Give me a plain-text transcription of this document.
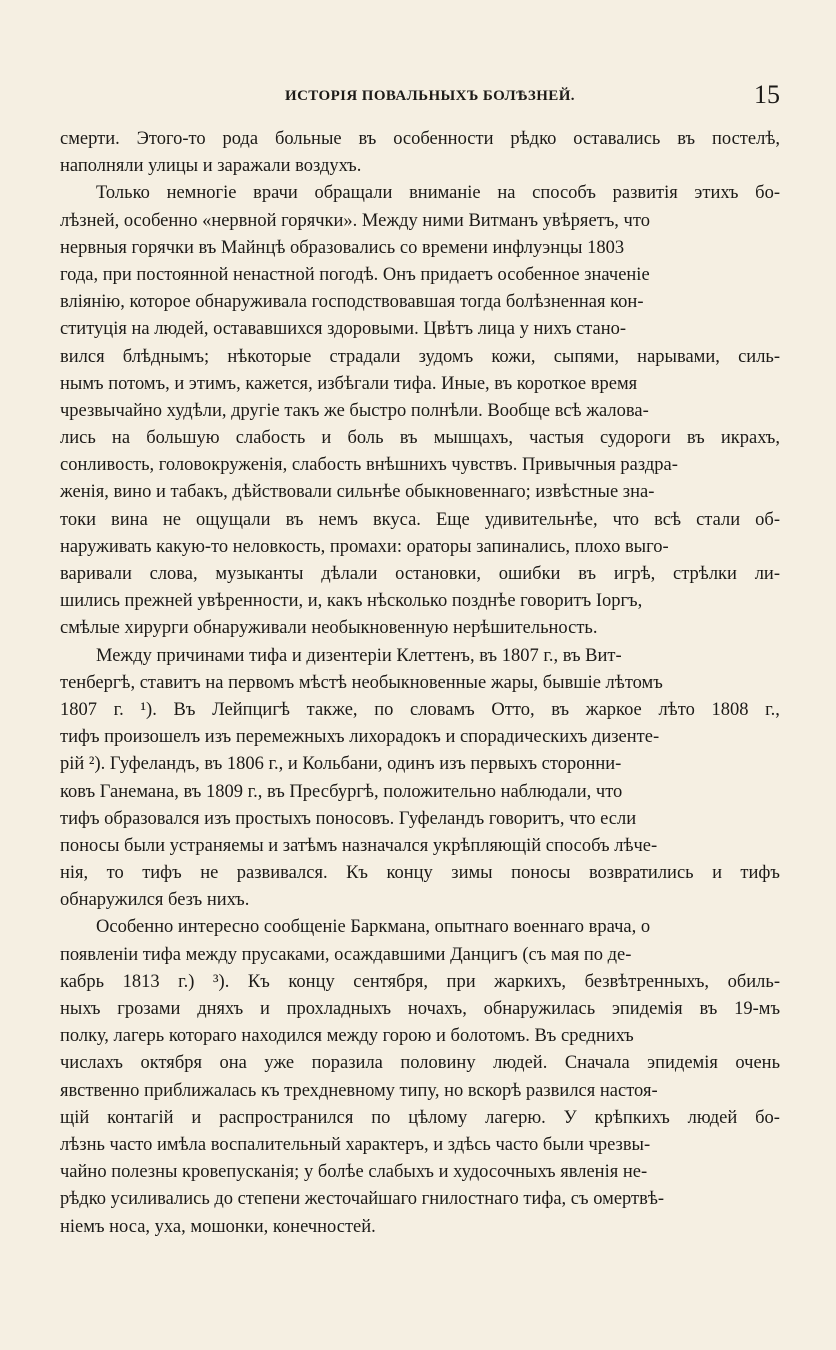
ИСТОРІЯ ПОВАЛЬНЫХЪ БОЛѢЗНЕЙ.	15
смерти. Этого-то рода больные въ особенности рѣдко оставались въ постелѣ,
наполняли улицы и заражали воздухъ.
Только немногіе врачи обращали вниманіе на способъ развитія этихъ бо-
лѣзней, особенно «нервной горячки». Между ними Витманъ увѣряетъ, что
нервныя горячки въ Майнцѣ образовались со времени инфлуэнцы 1803
года, при постоянной ненастной погодѣ. Онъ придаетъ особенное значеніе
вліянію, которое обнаруживала господствовавшая тогда болѣзненная кон-
ституція на людей, остававшихся здоровыми. Цвѣтъ лица у нихъ стано-
вился блѣднымъ; нѣкоторые страдали зудомъ кожи, сыпями, нарывами, силь-
нымъ потомъ, и этимъ, кажется, избѣгали тифа. Иные, въ короткое время
чрезвычайно худѣли, другіе такъ же быстро полнѣли. Вообще всѣ жалова-
лись на большую слабость и боль въ мышцахъ, частыя судороги въ икрахъ,
сонливость, головокруженія, слабость внѣшнихъ чувствъ. Привычныя раздра-
женія, вино и табакъ, дѣйствовали сильнѣе обыкновеннаго; извѣстные зна-
токи вина не ощущали въ немъ вкуса. Еще удивительнѣе, что всѣ стали об-
наруживать какую-то неловкость, промахи: ораторы запинались, плохо выго-
варивали слова, музыканты дѣлали остановки, ошибки въ игрѣ, стрѣлки ли-
шились прежней увѣренности, и, какъ нѣсколько позднѣе говоритъ Іоргъ,
смѣлые хирурги обнаруживали необыкновенную нерѣшительность.
Между причинами тифа и дизентеріи Клеттенъ, въ 1807 г., въ Вит-
тенбергѣ, ставитъ на первомъ мѣстѣ необыкновенные жары, бывшіе лѣтомъ
1807 г. ¹). Въ Лейпцигѣ также, по словамъ Отто, въ жаркое лѣто 1808 г.,
тифъ произошелъ изъ перемежныхъ лихорадокъ и спорадическихъ дизенте-
рій ²). Гуфеландъ, въ 1806 г., и Кольбани, одинъ изъ первыхъ сторонни-
ковъ Ганемана, въ 1809 г., въ Пресбургѣ, положительно наблюдали, что
тифъ образовался изъ простыхъ поносовъ. Гуфеландъ говоритъ, что если
поносы были устраняемы и затѣмъ назначался укрѣпляющій способъ лѣче-
нія, то тифъ не развивался. Къ концу зимы поносы возвратились и тифъ
обнаружился безъ нихъ.
Особенно интересно сообщеніе Баркмана, опытнаго военнаго врача, о
появленіи тифа между прусаками, осаждавшими Данцигъ (съ мая по де-
кабрь 1813 г.) ³). Къ концу сентября, при жаркихъ, безвѣтренныхъ, обиль-
ныхъ грозами дняхъ и прохладныхъ ночахъ, обнаружилась эпидемія въ 19-мъ
полку, лагерь котораго находился между горою и болотомъ. Въ среднихъ
числахъ октября она уже поразила половину людей. Сначала эпидемія очень
явственно приближалась къ трехдневному типу, но вскорѣ развился настоя-
щій контагій и распространился по цѣлому лагерю. У крѣпкихъ людей бо-
лѣзнь часто имѣла воспалительный характеръ, и здѣсь часто были чрезвы-
чайно полезны кровепусканія; у болѣе слабыхъ и худосочныхъ явленія не-
рѣдко усиливались до степени жесточайшаго гнилостнаго тифа, съ омертвѣ-
ніемъ носа, уха, мошонки, конечностей.
